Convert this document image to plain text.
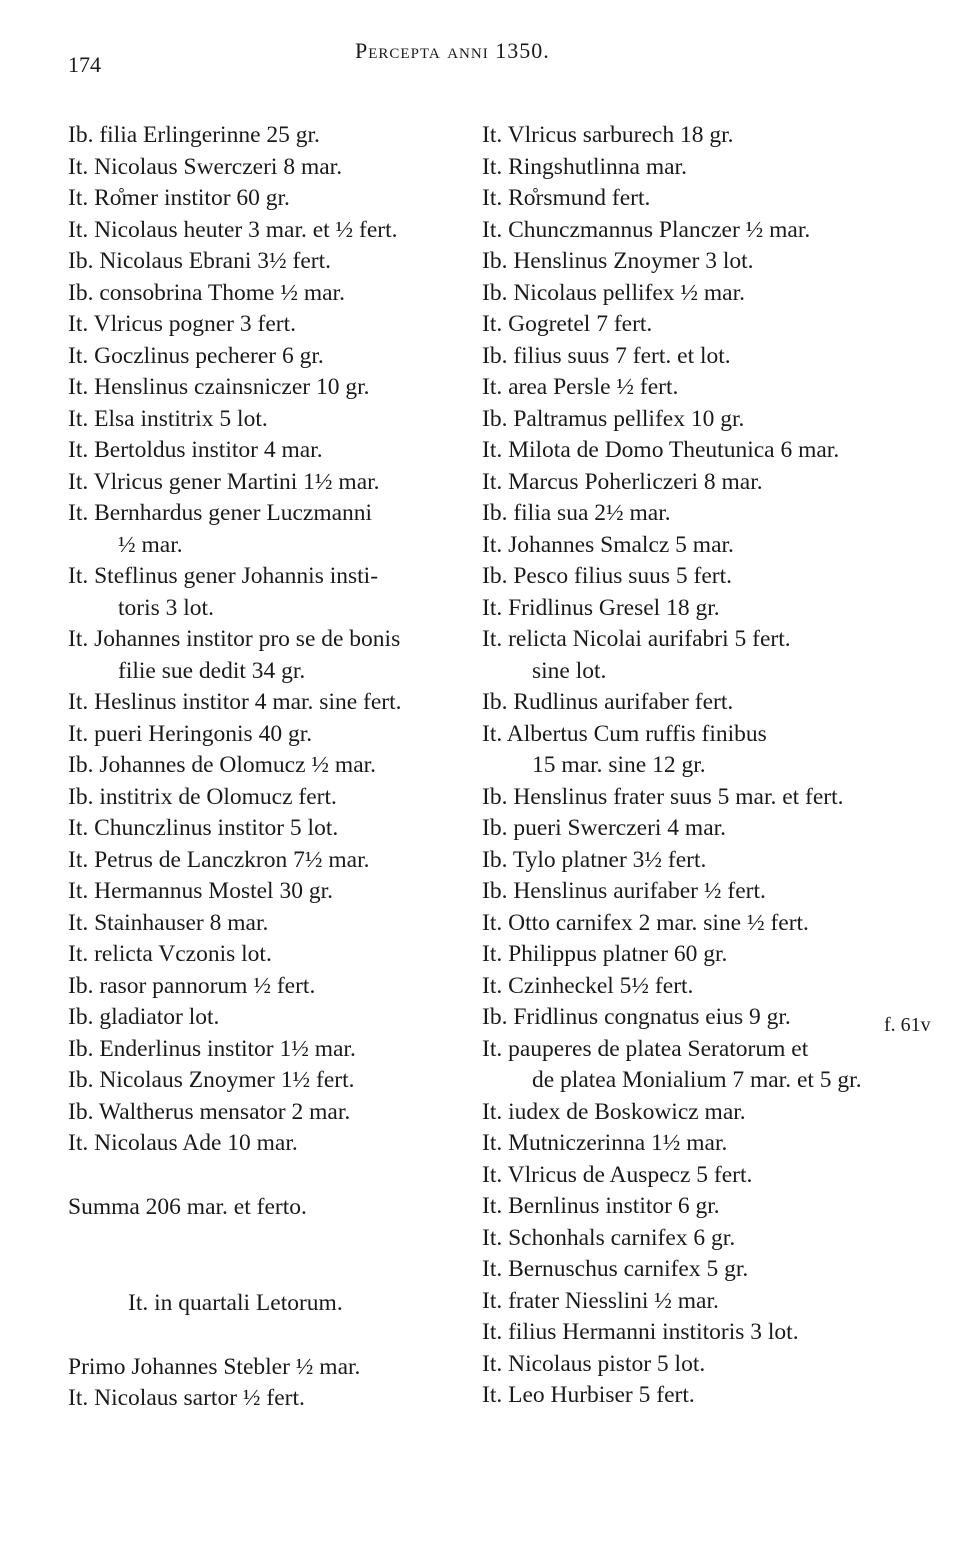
174
Percepta anni 1350.
Ib. filia Erlingerinne 25 gr.
It. Nicolaus Swerczeri 8 mar.
It. Ro̊mer institor 60 gr.
It. Nicolaus heuter 3 mar. et ½ fert.
Ib. Nicolaus Ebrani 3½ fert.
Ib. consobrina Thome ½ mar.
It. Vlricus pogner 3 fert.
It. Goczlinus pecherer 6 gr.
It. Henslinus czainsniczer 10 gr.
It. Elsa institrix 5 lot.
It. Bertoldus institor 4 mar.
It. Vlricus gener Martini 1½ mar.
It. Bernhardus gener Luczmanni
½ mar.
It. Steflinus gener Johannis insti-
toris 3 lot.
It. Johannes institor pro se de bonis
filie sue dedit 34 gr.
It. Heslinus institor 4 mar. sine fert.
It. pueri Heringonis 40 gr.
Ib. Johannes de Olomucz ½ mar.
Ib. institrix de Olomucz fert.
It. Chunczlinus institor 5 lot.
It. Petrus de Lanczkron 7½ mar.
It. Hermannus Mostel 30 gr.
It. Stainhauser 8 mar.
It. relicta Vczonis lot.
Ib. rasor pannorum ½ fert.
Ib. gladiator lot.
Ib. Enderlinus institor 1½ mar.
Ib. Nicolaus Znoymer 1½ fert.
Ib. Waltherus mensator 2 mar.
It. Nicolaus Ade 10 mar.
Summa 206 mar. et ferto.
It. in quartali Letorum.
Primo Johannes Stebler ½ mar.
It. Nicolaus sartor ½ fert.
It. Vlricus sarburech 18 gr.
It. Ringshutlinna mar.
It. Ro̊rsmund fert.
It. Chunczmannus Planczer ½ mar.
Ib. Henslinus Znoymer 3 lot.
Ib. Nicolaus pellifex ½ mar.
It. Gogretel 7 fert.
Ib. filius suus 7 fert. et lot.
It. area Persle ½ fert.
Ib. Paltramus pellifex 10 gr.
It. Milota de Domo Theutunica 6 mar.
It. Marcus Poherliczeri 8 mar.
Ib. filia sua 2½ mar.
It. Johannes Smalcz 5 mar.
Ib. Pesco filius suus 5 fert.
It. Fridlinus Gresel 18 gr.
It. relicta Nicolai aurifabri 5 fert.
sine lot.
Ib. Rudlinus aurifaber fert.
It. Albertus Cum ruffis finibus
15 mar. sine 12 gr.
Ib. Henslinus frater suus 5 mar. et fert.
Ib. pueri Swerczeri 4 mar.
Ib. Tylo platner 3½ fert.
Ib. Henslinus aurifaber ½ fert.
It. Otto carnifex 2 mar. sine ½ fert.
It. Philippus platner 60 gr.
It. Czinheckel 5½ fert.
Ib. Fridlinus congnatus eius 9 gr.
It. pauperes de platea Seratorum et
de platea Monialium 7 mar. et 5 gr.
It. iudex de Boskowicz mar.
It. Mutniczerinna 1½ mar.
It. Vlricus de Auspecz 5 fert.
It. Bernlinus institor 6 gr.
It. Schonhals carnifex 6 gr.
It. Bernuschus carnifex 5 gr.
It. frater Niesslini ½ mar.
It. filius Hermanni institoris 3 lot.
It. Nicolaus pistor 5 lot.
It. Leo Hurbiser 5 fert.
f. 61v
